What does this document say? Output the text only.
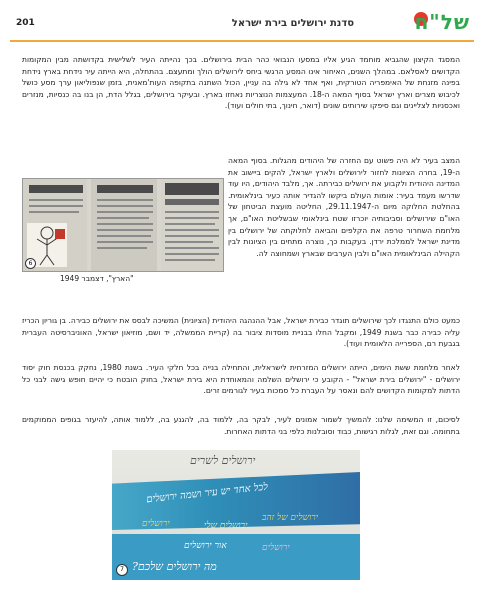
201	סדנת ירושלים בירת ישראל	של"ח
המסגד הקיצון שהגביא מוחמד הגיע אליו במסעו הנבואי כהר הבית בירושלים. בכך נהייתה העיר לשלישית בקדושתה מבין המקומות הקדושים לאסלאם. במהלך השנים, האיחור אינו המסע הרגשי ביחס לירושלים הולך ומתעצם. בהתחלה, היא הייתה עיר נידחת בארץ נידחת בפינה מזנחת של האימפריה הטורקית, ואף אחד לא גילה בה עניין, הכול השתנה בתקופה העות'מאנית, בזמן שנפוליאון ערך מסע כושל לכיבוש מצרים וארץ ישראל בסוף המאה ה-18. המעצמות הנוצריות נאחזו בארץ. ובעיקר בירושלים, בגלל הדת, הן בנו בה כנסיות, מנזרים ואכסניות לצליינים וגם סיפקו שירותים שונים (דואר, חינוך, בתי חולים ועוד).
המצב בעיר לא היה פשוט עם החזרה של היהודים מהגלות. בסוף המאה ה-19, בחרה הציונות לחזור לירושלים ולארץ ישראל, להקים ביישוב את המדינה היהודית ולקבוע את ירושלים כבירתה. אך, מלבד היהודים, היו עוד שדרשו מעמד בעיר: אומות העולם ביקשו להגדיר אותה כעיר בינלאומית. בהחלטת החלוקה מיום ה-29.11.1947, החליטה מועצת הביטחון של האו"ם שירושלים וסביבותיה יוכרזו שטח בינלאומי שבשליטת האו"ם, אך מלחמת השחרור טרפה את הקלפים והביאה לחלוקתה של ירושלים בין מדינת ישראל לממלכת ירדן. בעקבות כך, נוצרה מתחים בין הציונות לבין הקהילה הבינלאומית האו"ם ולבין הערבים שבארץ ושמחוצה לה.
6
"הארץ", דצמבר 1949
כמעט כולם התנגדו לכך שירושלים תוגדר כבירת ישראל, אבל ההנהגה היהודית (הציונית) המשיכה לבסס את ירושלים כבירה. בן גוריון הכריז עליה כבירה כבר בשנת 1949, ומקבל החלו בבניית מוסדות ציבור בה (קריית הממשלה, יד ושם, מוזיאון ישראל, האוניברסיטה העברית בגבעת רם, הספרייה הלאומית ועוד).
לאחר מלחמת ששת הימים, הייתה ירושלים המזרחית לישראלית, והתחילה בנייה בכל חלקי העיר. בשנת 1980, נחקק בכנסת חוק יסוד ירושלים - "ירושלים בירת ישראל" - הקובע כי ירושלים השלמה והמאוחדת היא בירת ישראל, בחוק הובטח כי יהיים חופש גישה לבני כל הדתות למקומות הקדושים להם ונאסר על העברת כל סמכות בעיר לגורמים זרים.
לסיכום, זו המשימה שלנו: להמשיך לשמור אמונים לעיר, לבקר בה, ללמוד בה, להגנע בה, ללמוד אותה, להיעזר בגופים הממוקמים בתחומה. וגם זאת, לגלות רגישות, כבוד וסובלנות כלפי בני הדתות האחרות.
ירושלים לשרים
לכל אחד יש עיר ושמה ירושלים
ירושלים של זהב
ירושלים שלי
ירושלים
אור ירושלים
מה ירושלים שלכם?
ירושלים
7
